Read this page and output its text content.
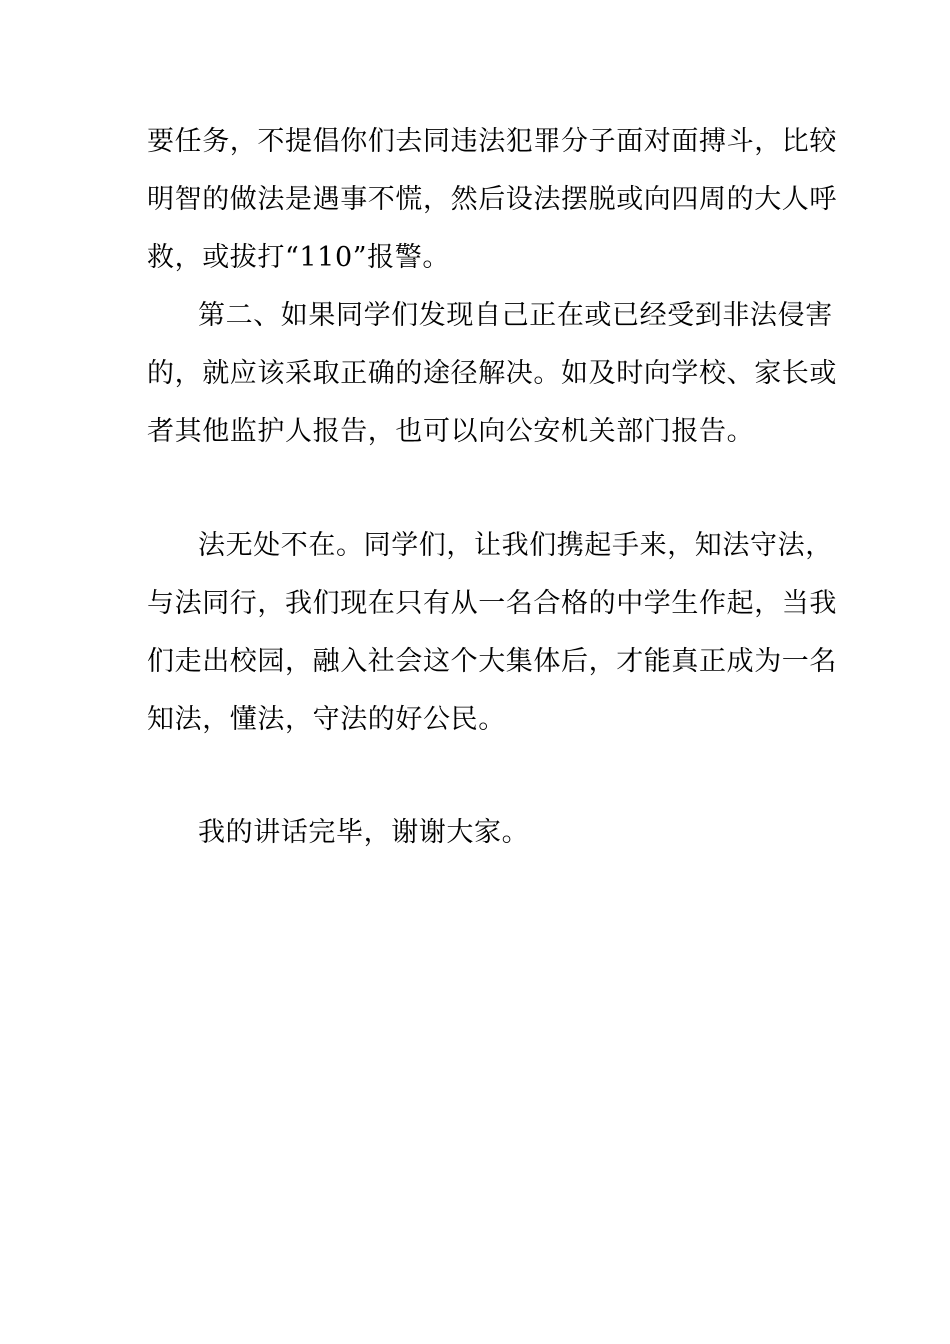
要任务，不提倡你们去同违法犯罪分子面对面搏斗，比较
明智的做法是遇事不慌，然后设法摆脱或向四周的大人呼
救，或拔打“110”报警。
第二、如果同学们发现自己正在或已经受到非法侵害
的，就应该采取正确的途径解决。如及时向学校、家长或
者其他监护人报告，也可以向公安机关部门报告。
法无处不在。同学们，让我们携起手来，知法守法，
与法同行，我们现在只有从一名合格的中学生作起，当我
们走出校园，融入社会这个大集体后，才能真正成为一名
知法，懂法，守法的好公民。
我的讲话完毕，谢谢大家。
